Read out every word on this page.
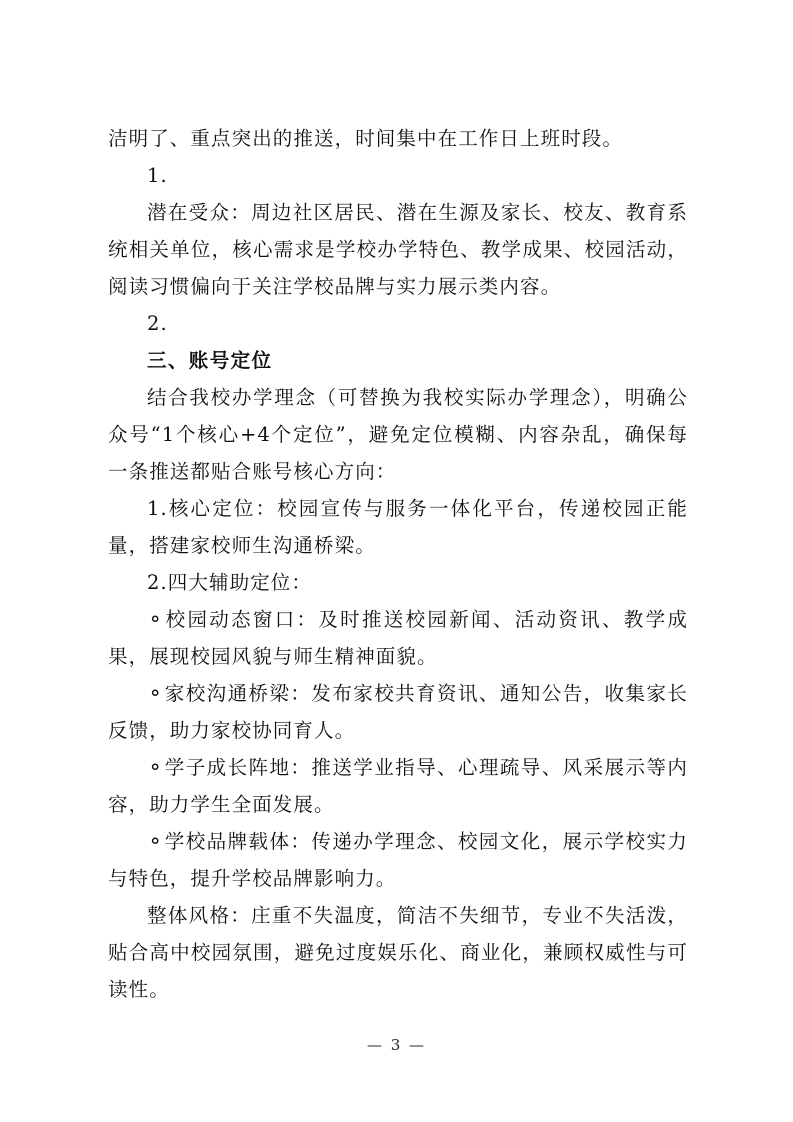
洁明了、重点突出的推送，时间集中在工作日上班时段。

1.

潜在受众：周边社区居民、潜在生源及家长、校友、教育系统相关单位，核心需求是学校办学特色、教学成果、校园活动，阅读习惯偏向于关注学校品牌与实力展示类内容。

2.

三、账号定位

结合我校办学理念（可替换为我校实际办学理念），明确公众号“1个核心+4个定位”，避免定位模糊、内容杂乱，确保每一条推送都贴合账号核心方向：

1.核心定位：校园宣传与服务一体化平台，传递校园正能量，搭建家校师生沟通桥梁。

2.四大辅助定位：

⚬校园动态窗口：及时推送校园新闻、活动资讯、教学成果，展现校园风貌与师生精神面貌。

⚬家校沟通桥梁：发布家校共育资讯、通知公告，收集家长反馈，助力家校协同育人。

⚬学子成长阵地：推送学业指导、心理疏导、风采展示等内容，助力学生全面发展。

⚬学校品牌载体：传递办学理念、校园文化，展示学校实力与特色，提升学校品牌影响力。

整体风格：庄重不失温度，简洁不失细节，专业不失活泼，贴合高中校园氛围，避免过度娱乐化、商业化，兼顾权威性与可读性。

— 3 —
